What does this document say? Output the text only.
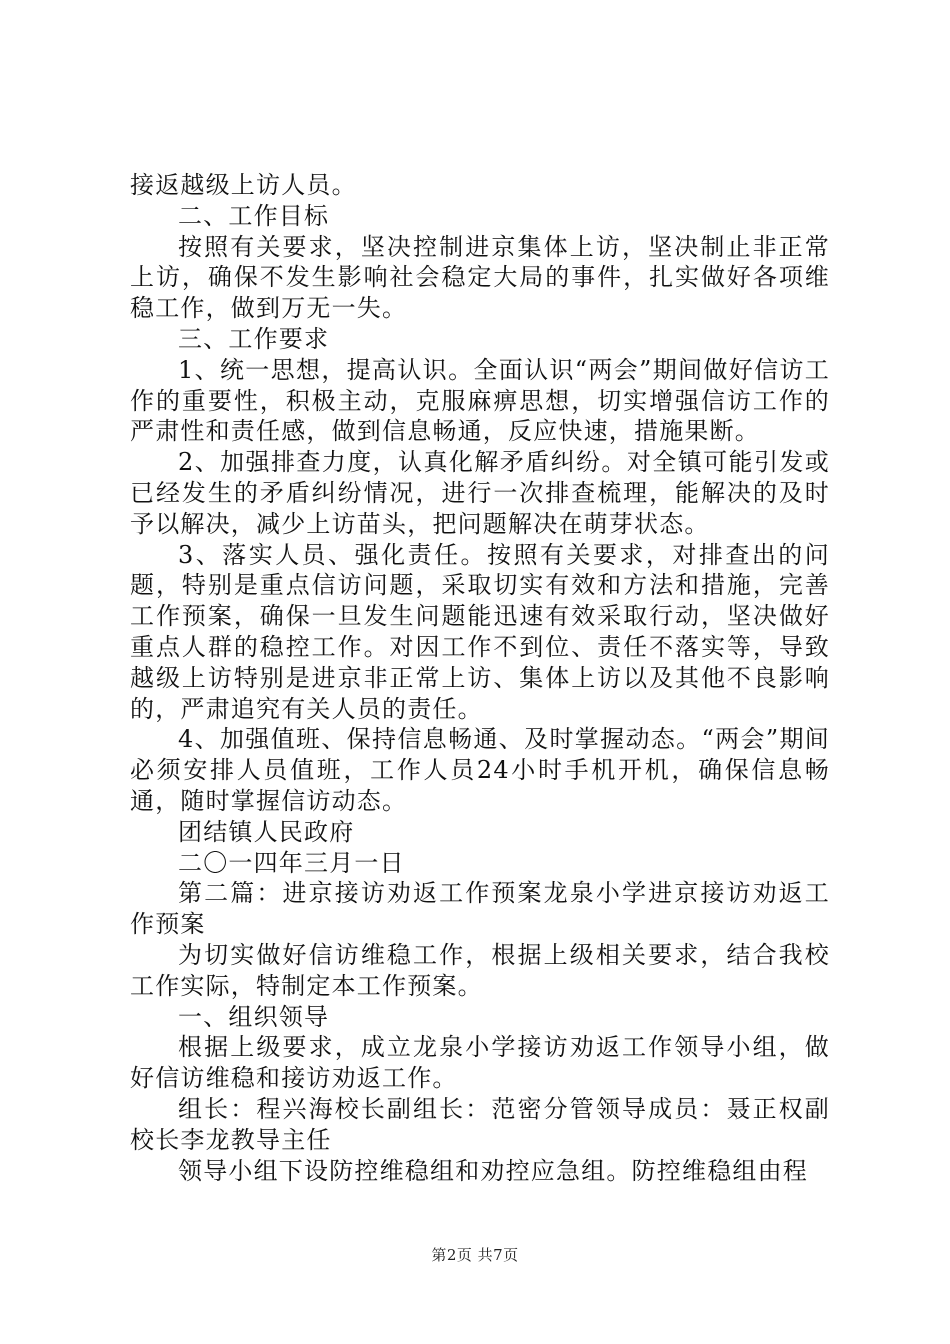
接返越级上访人员。

二、工作目标

按照有关要求，坚决控制进京集体上访，坚决制止非正常上访，确保不发生影响社会稳定大局的事件，扎实做好各项维稳工作，做到万无一失。

三、工作要求

1、统一思想，提高认识。全面认识“两会”期间做好信访工作的重要性，积极主动，克服麻痹思想，切实增强信访工作的严肃性和责任感，做到信息畅通，反应快速，措施果断。

2、加强排查力度，认真化解矛盾纠纷。对全镇可能引发或已经发生的矛盾纠纷情况，进行一次排查梳理，能解决的及时予以解决，减少上访苗头，把问题解决在萌芽状态。

3、落实人员、强化责任。按照有关要求，对排查出的问题，特别是重点信访问题，采取切实有效和方法和措施，完善工作预案，确保一旦发生问题能迅速有效采取行动，坚决做好重点人群的稳控工作。对因工作不到位、责任不落实等，导致越级上访特别是进京非正常上访、集体上访以及其他不良影响的，严肃追究有关人员的责任。

4、加强值班、保持信息畅通、及时掌握动态。“两会”期间必须安排人员值班，工作人员24小时手机开机，确保信息畅通，随时掌握信访动态。

团结镇人民政府

二〇一四年三月一日

第二篇：进京接访劝返工作预案龙泉小学进京接访劝返工作预案

为切实做好信访维稳工作，根据上级相关要求，结合我校工作实际，特制定本工作预案。

一、组织领导

根据上级要求，成立龙泉小学接访劝返工作领导小组，做好信访维稳和接访劝返工作。

组长：程兴海校长副组长：范密分管领导成员：聂正权副校长李龙教导主任

领导小组下设防控维稳组和劝控应急组。防控维稳组由程

第2页 共7页
